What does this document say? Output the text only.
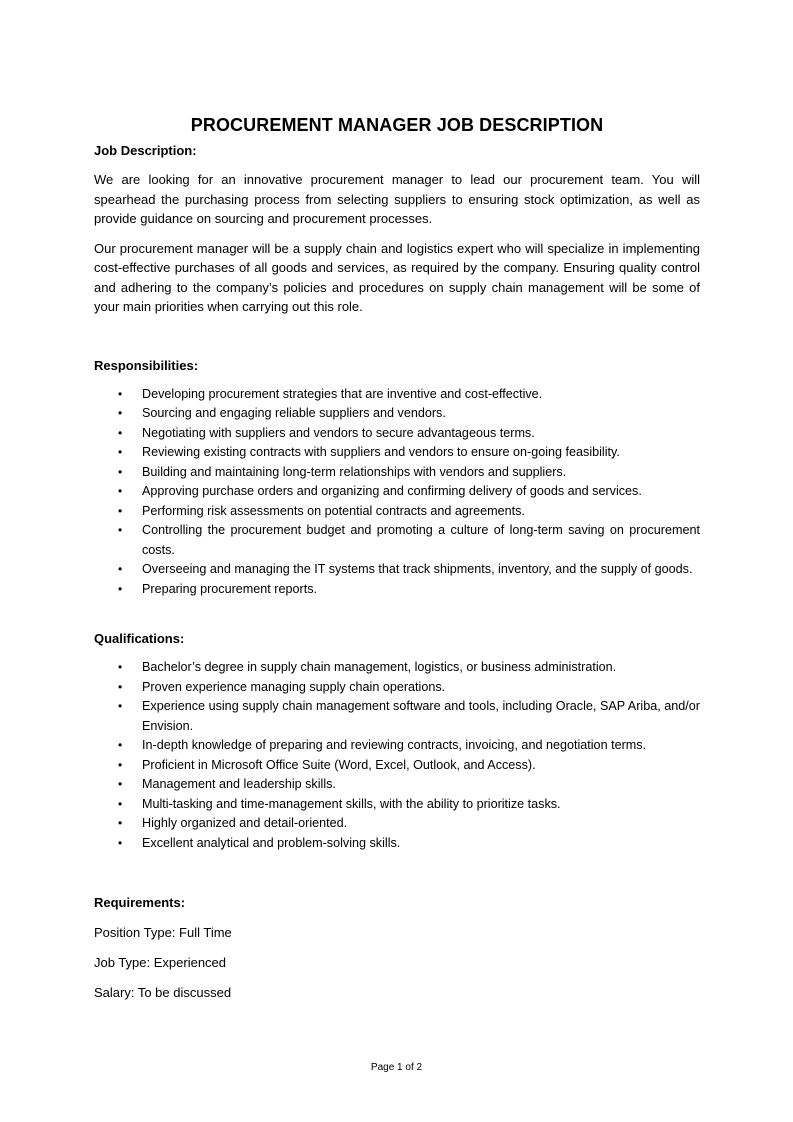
PROCUREMENT MANAGER JOB DESCRIPTION

Job Description:

We are looking for an innovative procurement manager to lead our procurement team. You will spearhead the purchasing process from selecting suppliers to ensuring stock optimization, as well as provide guidance on sourcing and procurement processes.

Our procurement manager will be a supply chain and logistics expert who will specialize in implementing cost-effective purchases of all goods and services, as required by the company. Ensuring quality control and adhering to the company’s policies and procedures on supply chain management will be some of your main priorities when carrying out this role.

Responsibilities:

• Developing procurement strategies that are inventive and cost-effective.
• Sourcing and engaging reliable suppliers and vendors.
• Negotiating with suppliers and vendors to secure advantageous terms.
• Reviewing existing contracts with suppliers and vendors to ensure on-going feasibility.
• Building and maintaining long-term relationships with vendors and suppliers.
• Approving purchase orders and organizing and confirming delivery of goods and services.
• Performing risk assessments on potential contracts and agreements.
• Controlling the procurement budget and promoting a culture of long-term saving on procurement costs.
• Overseeing and managing the IT systems that track shipments, inventory, and the supply of goods.
• Preparing procurement reports.

Qualifications:

• Bachelor’s degree in supply chain management, logistics, or business administration.
• Proven experience managing supply chain operations.
• Experience using supply chain management software and tools, including Oracle, SAP Ariba, and/or Envision.
• In-depth knowledge of preparing and reviewing contracts, invoicing, and negotiation terms.
• Proficient in Microsoft Office Suite (Word, Excel, Outlook, and Access).
• Management and leadership skills.
• Multi-tasking and time-management skills, with the ability to prioritize tasks.
• Highly organized and detail-oriented.
• Excellent analytical and problem-solving skills.

Requirements:

Position Type: Full Time

Job Type: Experienced

Salary: To be discussed

Page 1 of 2
